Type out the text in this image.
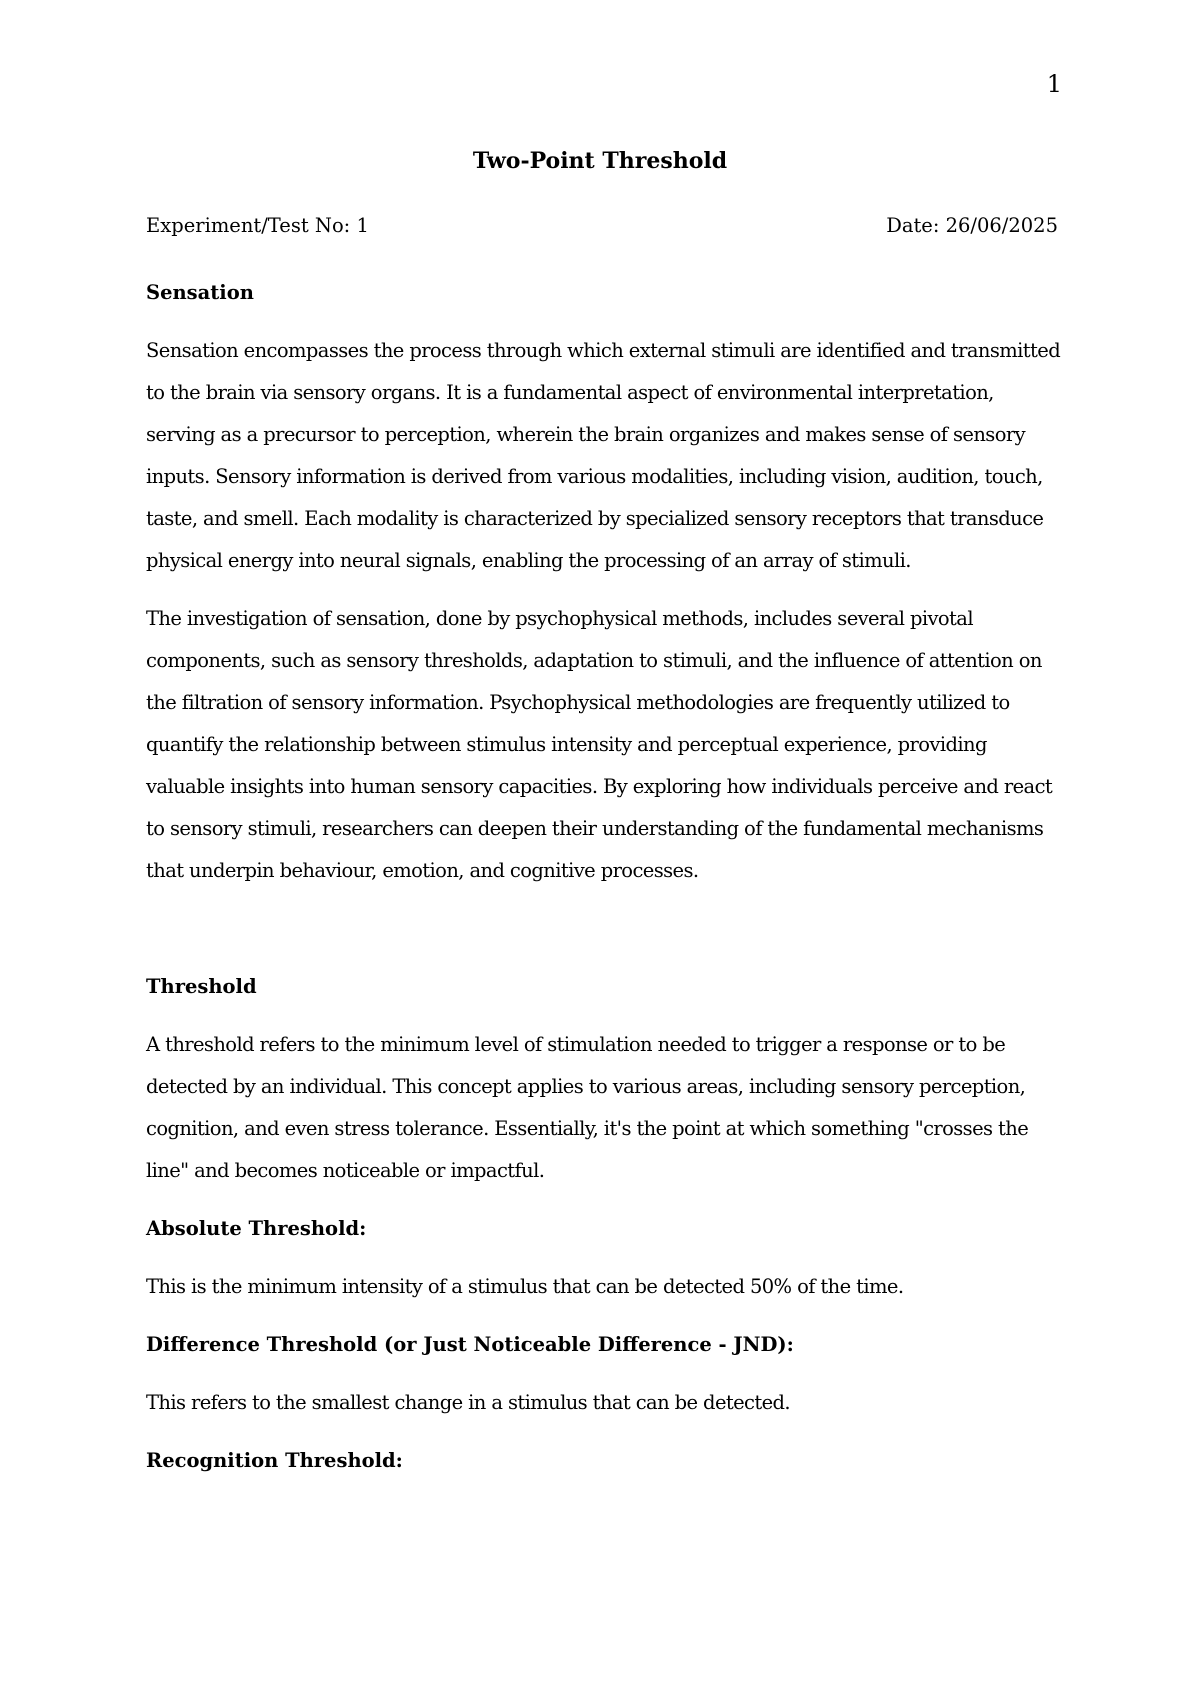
1
Two-Point Threshold
Experiment/Test No: 1	Date: 26/06/2025
Sensation

Sensation encompasses the process through which external stimuli are identified and transmitted to the brain via sensory organs. It is a fundamental aspect of environmental interpretation, serving as a precursor to perception, wherein the brain organizes and makes sense of sensory inputs. Sensory information is derived from various modalities, including vision, audition, touch, taste, and smell. Each modality is characterized by specialized sensory receptors that transduce physical energy into neural signals, enabling the processing of an array of stimuli.

The investigation of sensation, done by psychophysical methods, includes several pivotal components, such as sensory thresholds, adaptation to stimuli, and the influence of attention on the filtration of sensory information. Psychophysical methodologies are frequently utilized to quantify the relationship between stimulus intensity and perceptual experience, providing valuable insights into human sensory capacities. By exploring how individuals perceive and react to sensory stimuli, researchers can deepen their understanding of the fundamental mechanisms that underpin behaviour, emotion, and cognitive processes.

Threshold

A threshold refers to the minimum level of stimulation needed to trigger a response or to be detected by an individual. This concept applies to various areas, including sensory perception, cognition, and even stress tolerance. Essentially, it's the point at which something "crosses the line" and becomes noticeable or impactful.

Absolute Threshold:

This is the minimum intensity of a stimulus that can be detected 50% of the time.

Difference Threshold (or Just Noticeable Difference - JND):

This refers to the smallest change in a stimulus that can be detected.

Recognition Threshold:
